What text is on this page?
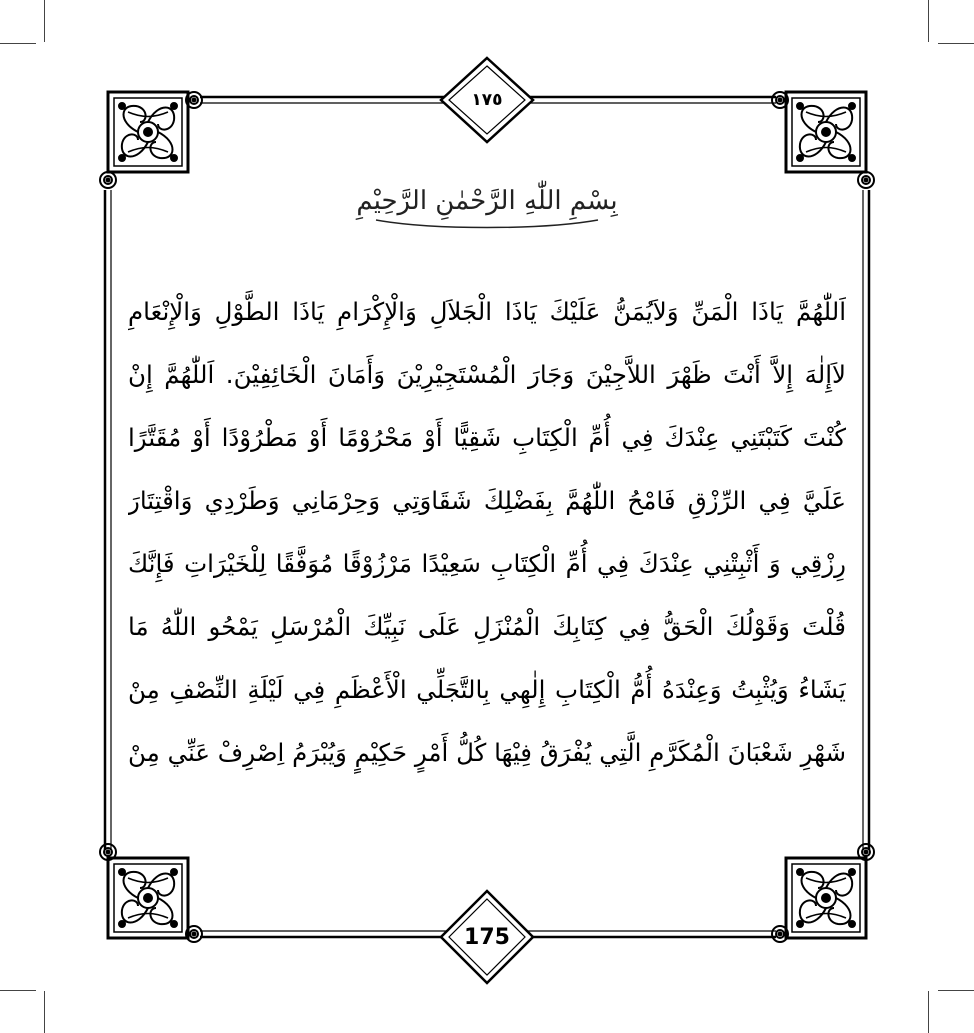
١٧٥
175
بِسْمِ اللّٰهِ الرَّحْمٰنِ الرَّحِيْمِ
اَللّٰهُمَّ يَاذَا الْمَنِّ وَلاَيُمَنُّ عَلَيْكَ يَاذَا الْجَلاَلِ وَالْإِكْرَامِ يَاذَا الطَّوْلِ وَالْإِنْعَامِ
لاَإِلٰهَ إِلاَّ أَنْتَ ظَهْرَ اللاَّجِيْنَ وَجَارَ الْمُسْتَجِيْرِيْنَ وَأَمَانَ الْخَائِفِيْنَ. اَللّٰهُمَّ إِنْ
كُنْتَ كَتَبْتَنِي عِنْدَكَ فِي أُمِّ الْكِتَابِ شَقِيًّا أَوْ مَحْرُوْمًا أَوْ مَطْرُوْدًا أَوْ مُقَتَّرًا
عَلَيَّ فِي الرِّزْقِ فَامْحُ اللّٰهُمَّ بِفَضْلِكَ شَقَاوَتِي وَحِرْمَانِي وَطَرْدِي وَاقْتِتَارَ
رِزْقِي وَ أَثْبِتْنِي عِنْدَكَ فِي أُمِّ الْكِتَابِ سَعِيْدًا مَرْزُوْقًا مُوَفَّقًا لِلْخَيْرَاتِ فَإِنَّكَ
قُلْتَ وَقَوْلُكَ الْحَقُّ فِي كِتَابِكَ الْمُنْزَلِ عَلَى نَبِيِّكَ الْمُرْسَلِ يَمْحُو اللّٰهُ مَا
يَشَاءُ وَيُثْبِتُ وَعِنْدَهُ أُمُّ الْكِتَابِ إِلٰهِي بِالتَّجَلِّي الْأَعْظَمِ فِي لَيْلَةِ النِّصْفِ مِنْ
شَهْرِ شَعْبَانَ الْمُكَرَّمِ الَّتِي يُفْرَقُ فِيْهَا كُلُّ أَمْرٍ حَكِيْمٍ وَيُبْرَمُ اِصْرِفْ عَنِّي مِنْ
